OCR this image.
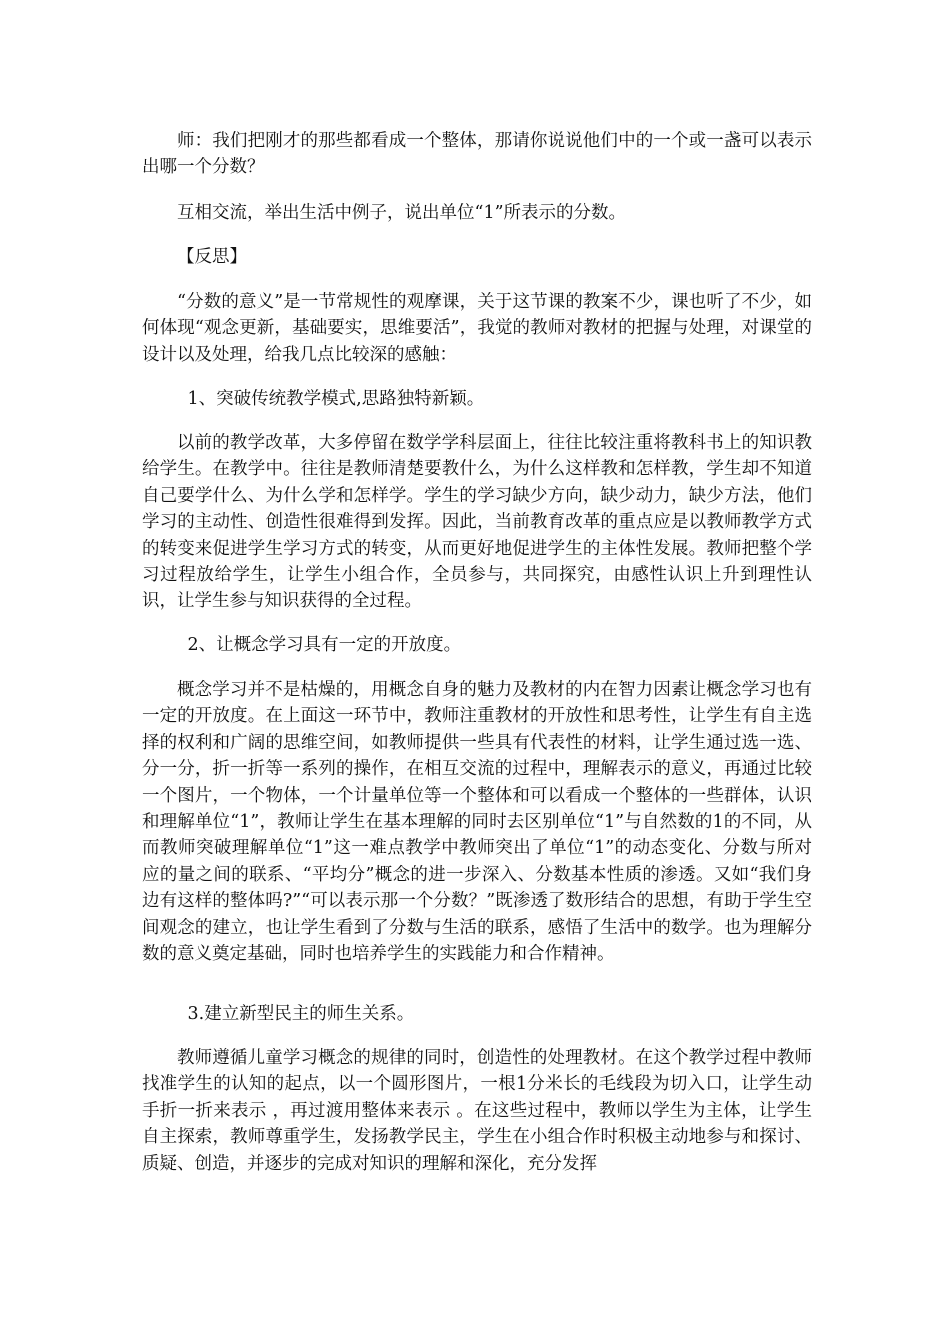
师：我们把刚才的那些都看成一个整体，那请你说说他们中的一个或一盏可以表示出哪一个分数？

互相交流，举出生活中例子，说出单位“1”所表示的分数。

【反思】

“分数的意义”是一节常规性的观摩课，关于这节课的教案不少，课也听了不少，如何体现“观念更新，基础要实，思维要活”，我觉的教师对教材的把握与处理，对课堂的设计以及处理，给我几点比较深的感触：

1、突破传统教学模式,思路独特新颖。

以前的教学改革，大多停留在数学学科层面上，往往比较注重将教科书上的知识教给学生。在教学中。往往是教师清楚要教什么，为什么这样教和怎样教，学生却不知道自己要学什么、为什么学和怎样学。学生的学习缺少方向，缺少动力，缺少方法，他们学习的主动性、创造性很难得到发挥。因此，当前教育改革的重点应是以教师教学方式的转变来促进学生学习方式的转变，从而更好地促进学生的主体性发展。教师把整个学习过程放给学生，让学生小组合作，全员参与，共同探究，由感性认识上升到理性认识，让学生参与知识获得的全过程。

2、让概念学习具有一定的开放度。

概念学习并不是枯燥的，用概念自身的魅力及教材的内在智力因素让概念学习也有一定的开放度。在上面这一环节中，教师注重教材的开放性和思考性，让学生有自主选择的权利和广阔的思维空间，如教师提供一些具有代表性的材料，让学生通过选一选、分一分，折一折等一系列的操作，在相互交流的过程中，理解表示的意义，再通过比较一个图片，一个物体，一个计量单位等一个整体和可以看成一个整体的一些群体，认识和理解单位“1”，教师让学生在基本理解的同时去区别单位“1”与自然数的1的不同，从而教师突破理解单位“1”这一难点教学中教师突出了单位“1”的动态变化、分数与所对应的量之间的联系、“平均分”概念的进一步深入、分数基本性质的渗透。又如“我们身边有这样的整体吗?”“可以表示那一个分数？”既渗透了数形结合的思想，有助于学生空间观念的建立，也让学生看到了分数与生活的联系，感悟了生活中的数学。也为理解分数的意义奠定基础，同时也培养学生的实践能力和合作精神。

3.建立新型民主的师生关系。

教师遵循儿童学习概念的规律的同时，创造性的处理教材。在这个教学过程中教师找准学生的认知的起点，以一个圆形图片，一根1分米长的毛线段为切入口，让学生动手折一折来表示 ，再过渡用整体来表示 。在这些过程中，教师以学生为主体，让学生自主探索，教师尊重学生，发扬教学民主，学生在小组合作时积极主动地参与和探讨、质疑、创造，并逐步的完成对知识的理解和深化，充分发挥
